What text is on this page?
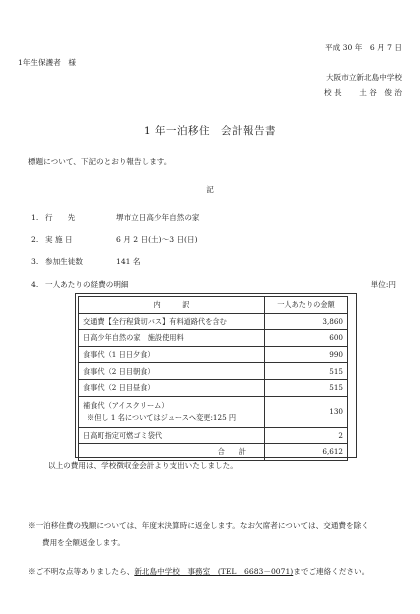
平成 30 年　6 月 7 日
1年生保護者　様
大阪市立新北島中学校
校 長　　 土 谷　俊 治
1 年一泊移住　会計報告書
標題について、下記のとおり報告します。
記
1. 行　　先	堺市立日高少年自然の家
2. 実 施 日	6 月 2 日(土)～3 日(日)
3. 参加生徒数	141 名
4. 一人あたりの経費の明細	単位:円
内　　　訳	一人あたりの金額
交通費【全行程貸切バス】有料道路代を含む	3,860
日高少年自然の家　施設使用料	600
食事代（1 日日夕食）	990
食事代（2 日目朝食）	515
食事代（2 日目昼食）	515
補食代（アイスクリーム）
※但し 1 名についてはジュースへ変更:125 円	130
日高町指定可燃ゴミ袋代	2
合計	6,612
以上の費用は、学校徴収金会計より支出いたしました。
※一泊移住費の残額については、年度末決算時に返金します。なお欠席者については、交通費を除く
費用を全額返金します。
※ご不明な点等ありましたら、新北島中学校　事務室　(TEL　6683－0071)までご連絡ください。
